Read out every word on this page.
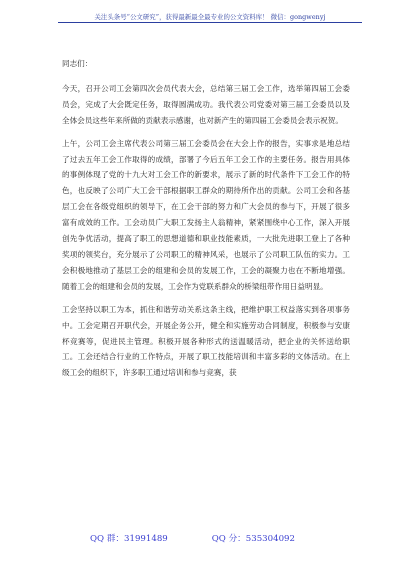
关注头条号“公文研究”，获得最新最全最专业的公文资料库！ 微信：gongwenyj

同志们：

今天，召开公司工会第四次会员代表大会，总结第三届工会工作，选举第四届工会委员会，完成了大会既定任务，取得圆满成功。我代表公司党委对第三届工会委员以及全体会员这些年来所做的贡献表示感谢，也对新产生的第四届工会委员会表示祝贺。

上午，公司工会主席代表公司第三届工会委员会在大会上作的报告，实事求是地总结了过去五年工会工作取得的成绩，部署了今后五年工会工作的主要任务。报告用具体的事例体现了党的十九大对工会工作的新要求，展示了新的时代条件下工会工作的特色，也反映了公司广大工会干部根据职工群众的期待所作出的贡献。公司工会和各基层工会在各级党组织的领导下，在工会干部的努力和广大会员的参与下，开展了很多富有成效的工作。工会动员广大职工发扬主人翁精神，紧紧围绕中心工作，深入开展创先争优活动，提高了职工的思想道德和职业技能素质，一大批先进职工登上了各种奖项的领奖台，充分展示了公司职工的精神风采，也展示了公司职工队伍的实力。工会积极地推动了基层工会的组建和会员的发展工作，工会的凝聚力也在不断地增强。随着工会的组建和会员的发展，工会作为党联系群众的桥梁纽带作用日益明显。

工会坚持以职工为本，抓住和谐劳动关系这条主线，把维护职工权益落实到各项事务中。工会定期召开职代会，开展企务公开，健全和实施劳动合同制度，积极参与安康杯竞赛等，促进民主管理。积极开展各种形式的送温暖活动，把企业的关怀送给职工。工会还结合行业的工作特点，开展了职工技能培训和丰富多彩的文体活动。在上级工会的组织下，许多职工通过培训和参与竞赛，获

QQ 群：31991489	QQ 分：535304092
